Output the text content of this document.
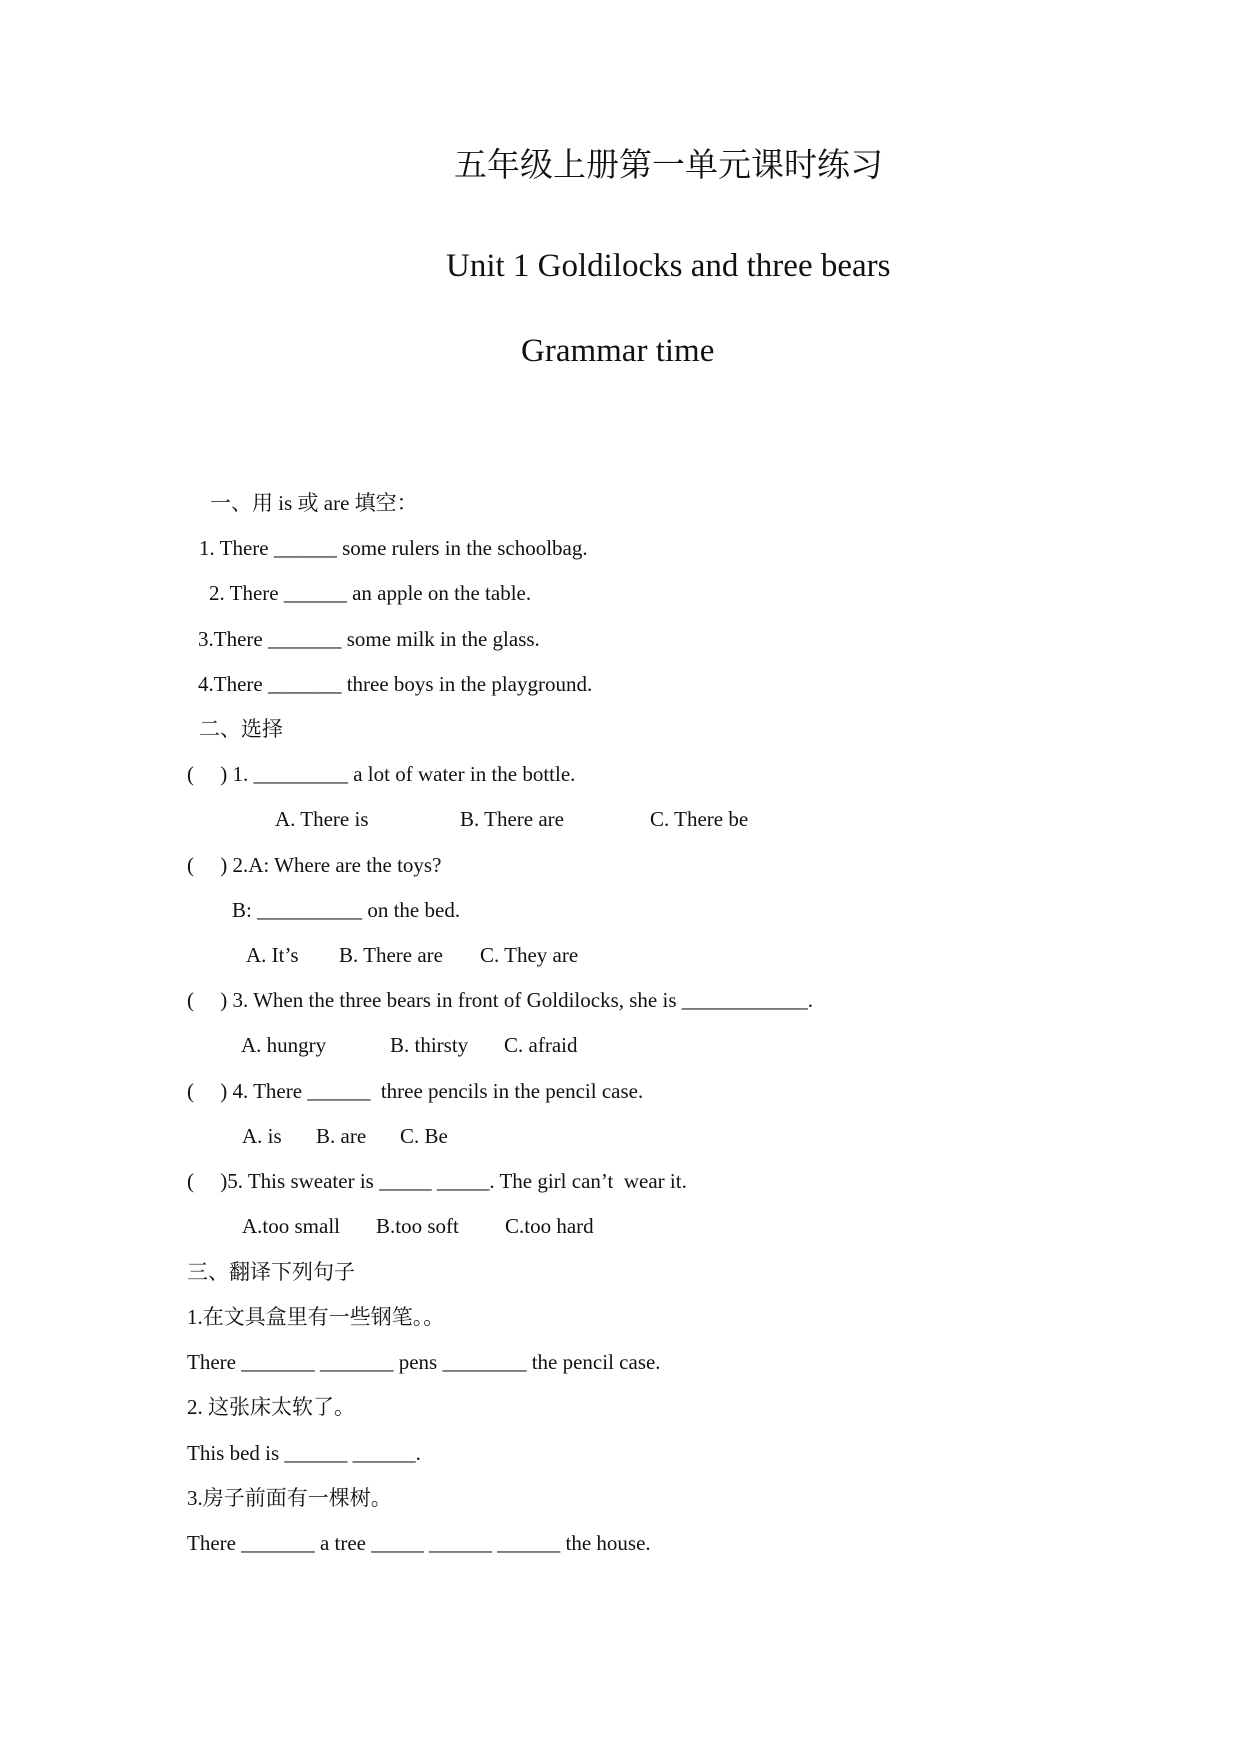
五年级上册第一单元课时练习
Unit 1 Goldilocks and three bears
Grammar time
一、用 is 或 are 填空：
1. There ______ some rulers in the schoolbag.
2. There ______ an apple on the table.
3.There _______ some milk in the glass.
4.There _______ three boys in the playground.
二、选择
(     ) 1. _________ a lot of water in the bottle.
A. There is	B. There are	C. There be
(     ) 2.A: Where are the toys?
B: __________ on the bed.
A. It’s B. There are C. They are
(     ) 3. When the three bears in front of Goldilocks, she is ____________.
A. hungry	B. thirsty C. afraid
(     ) 4. There ______  three pencils in the pencil case.
A. is B. are C. Be
(     )5. This sweater is _____ _____. The girl can’t  wear it.
A.too small B.too soft C.too hard
三、翻译下列句子
1.在文具盒里有一些钢笔。。
There _______ _______ pens ________ the pencil case.
2. 这张床太软了。
This bed is ______ ______.
3.房子前面有一棵树。
There _______ a tree _____ ______ ______ the house.
